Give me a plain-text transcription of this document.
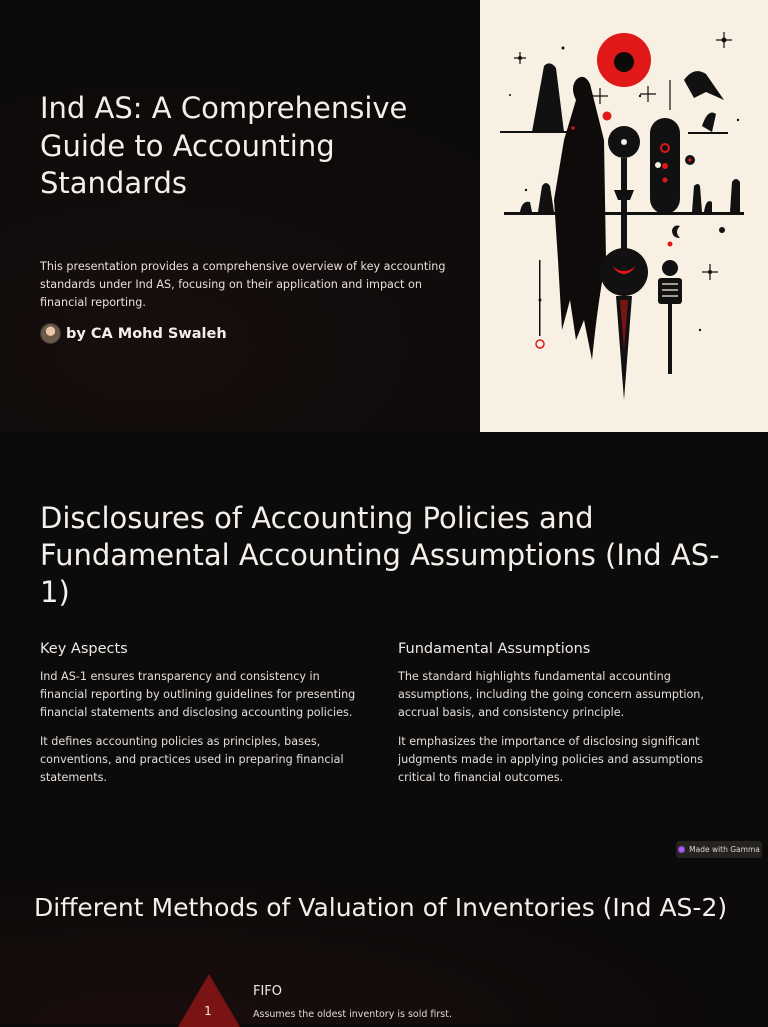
Ind AS: A Comprehensive Guide to Accounting Standards

This presentation provides a comprehensive overview of key accounting standards under Ind AS, focusing on their application and impact on financial reporting.

by CA Mohd Swaleh
Disclosures of Accounting Policies and Fundamental Accounting Assumptions (Ind AS-1)
Key Aspects

Ind AS-1 ensures transparency and consistency in financial reporting by outlining guidelines for presenting financial statements and disclosing accounting policies.

It defines accounting policies as principles, bases, conventions, and practices used in preparing financial statements.

Fundamental Assumptions

The standard highlights fundamental accounting assumptions, including the going concern assumption, accrual basis, and consistency principle.

It emphasizes the importance of disclosing significant judgments made in applying policies and assumptions critical to financial outcomes.

Made with Gamma
Different Methods of Valuation of Inventories (Ind AS-2)
1
FIFO
Assumes the oldest inventory is sold first.
